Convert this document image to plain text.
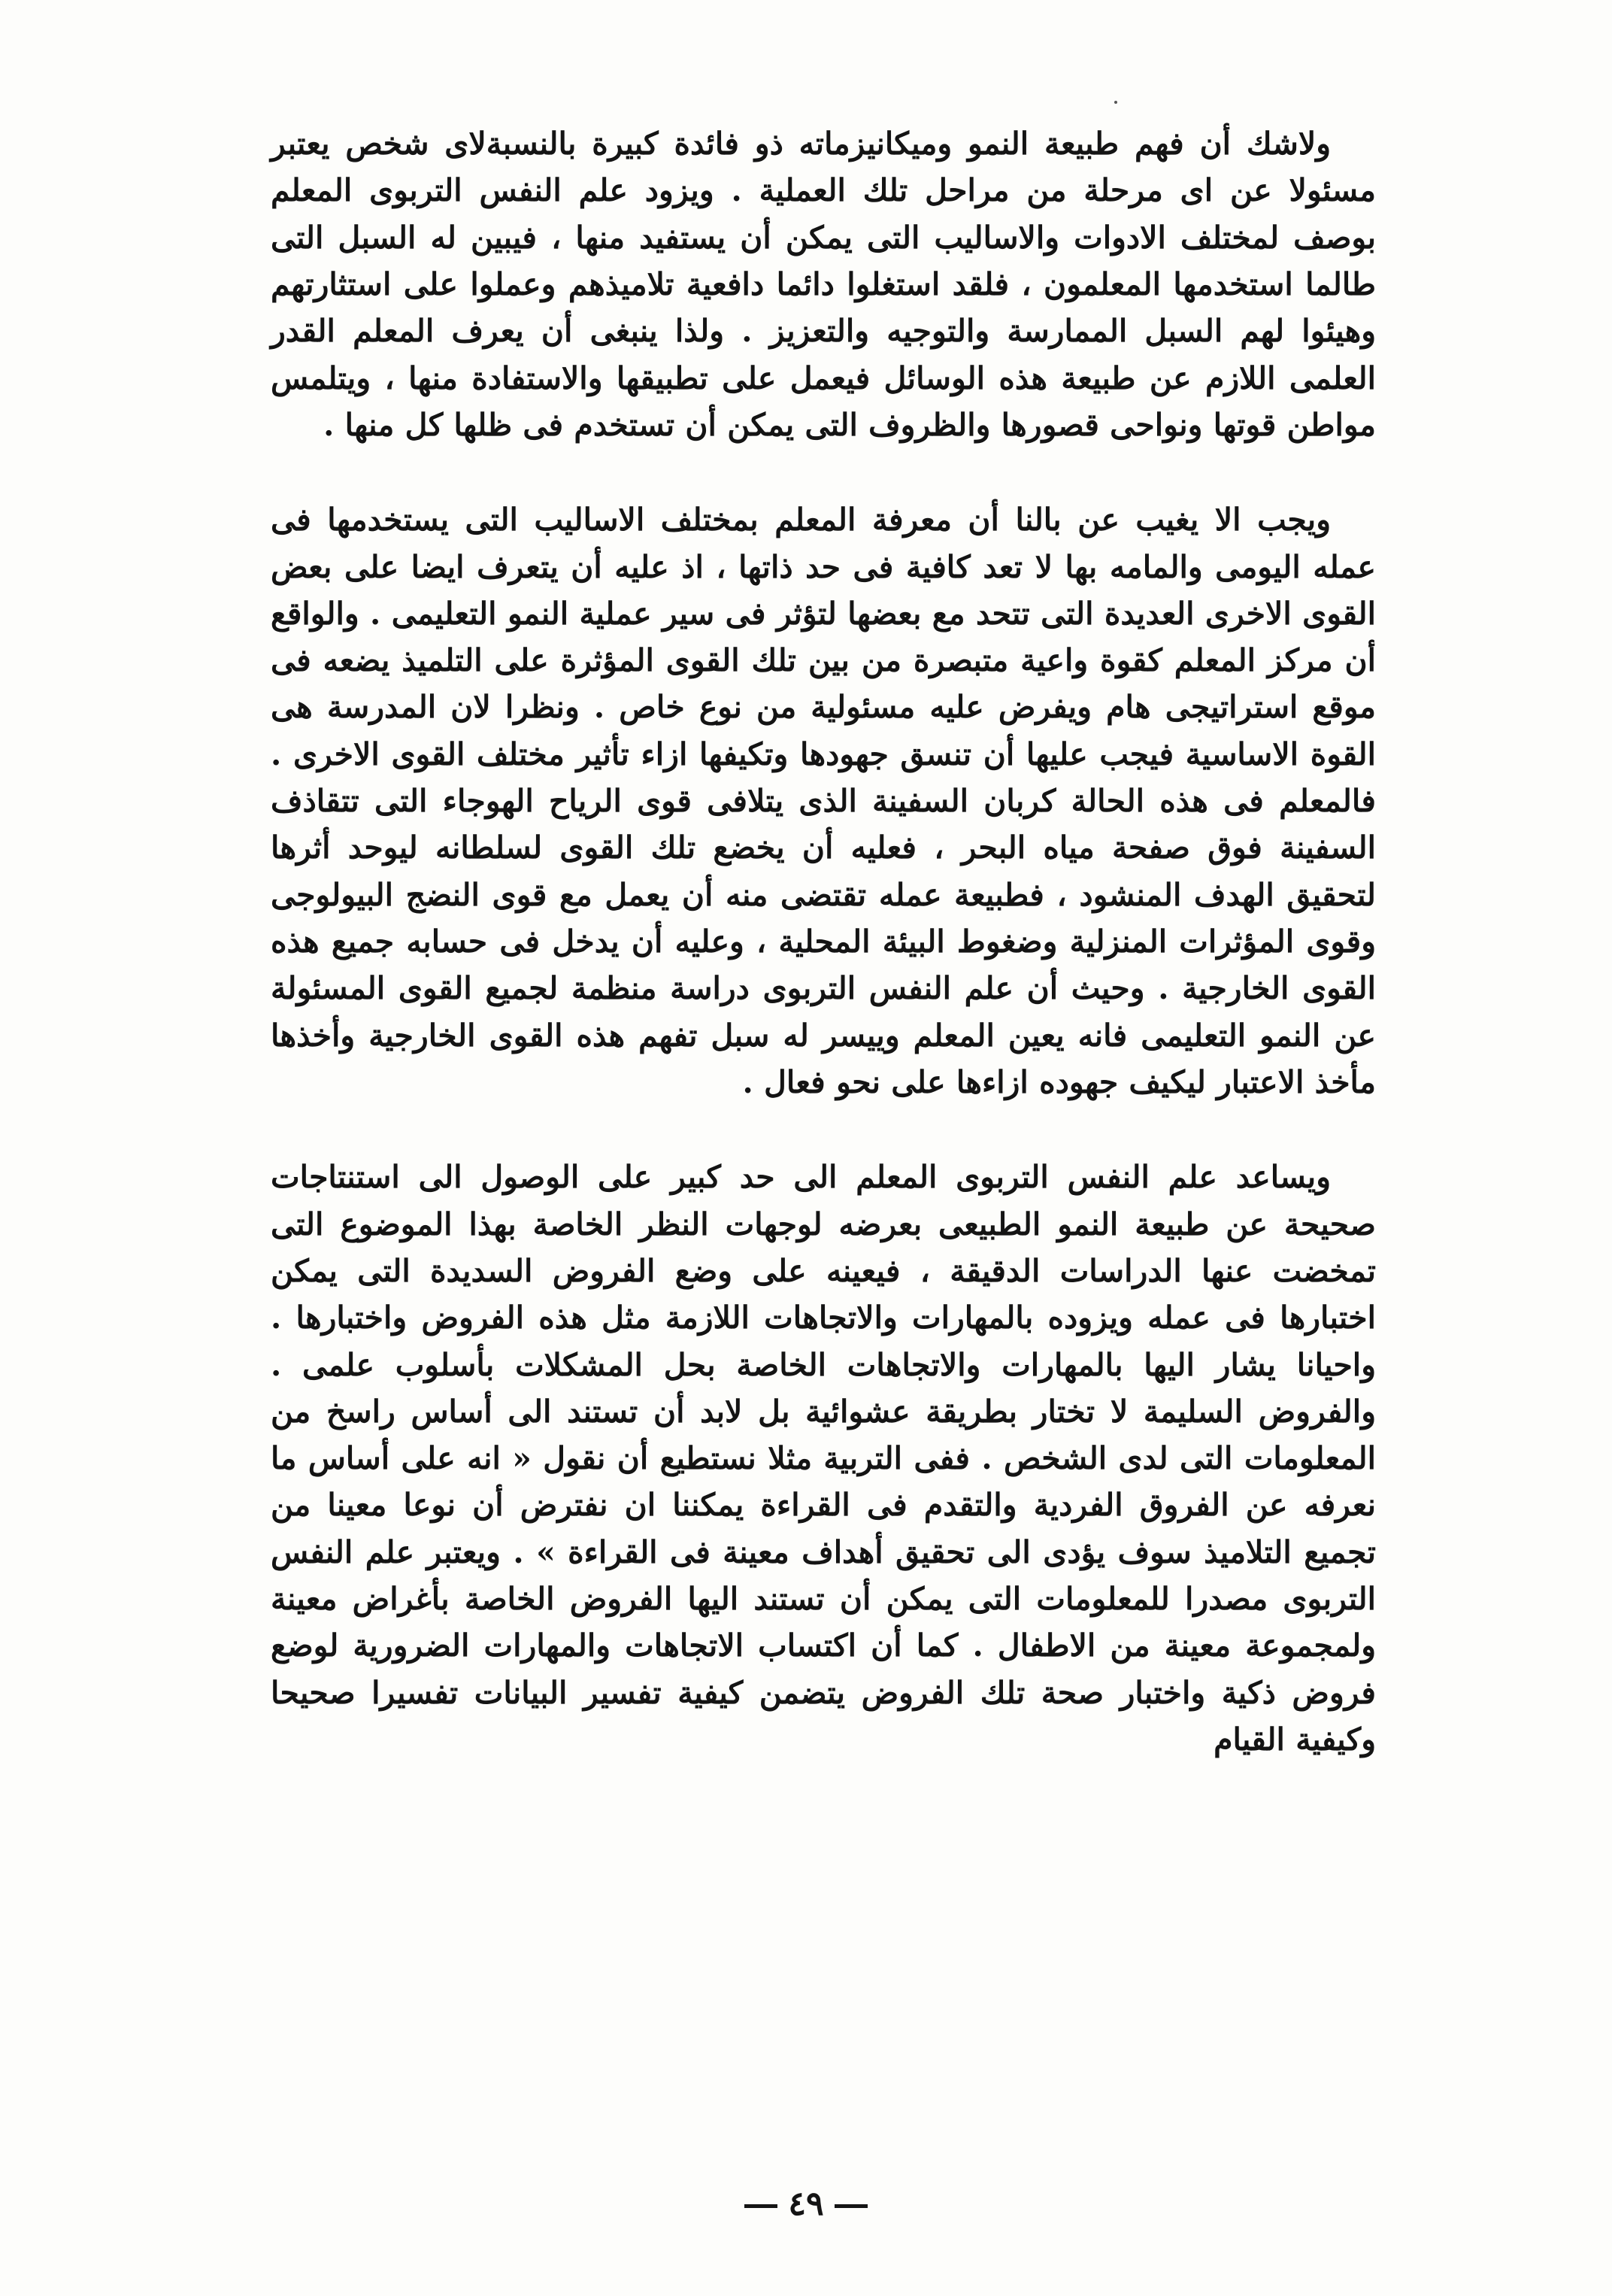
ولاشك أن فهم طبيعة النمو وميكانيزماته ذو فائدة كبيرة بالنسبةلاى شخص يعتبر مسئولا عن اى مرحلة من مراحل تلك العملية . ويزود علم النفس التربوى المعلم بوصف لمختلف الادوات والاساليب التى يمكن أن يستفيد منها ، فيبين له السبل التى طالما استخدمها المعلمون ، فلقد استغلوا دائما دافعية تلاميذهم وعملوا على استثارتهم وهيئوا لهم السبل الممارسة والتوجيه والتعزيز . ولذا ينبغى أن يعرف المعلم القدر العلمى اللازم عن طبيعة هذه الوسائل فيعمل على تطبيقها والاستفادة منها ، ويتلمس مواطن قوتها ونواحى قصورها والظروف التى يمكن أن تستخدم فى ظلها كل منها .

ويجب الا يغيب عن بالنا أن معرفة المعلم بمختلف الاساليب التى يستخدمها فى عمله اليومى والمامه بها لا تعد كافية فى حد ذاتها ، اذ عليه أن يتعرف ايضا على بعض القوى الاخرى العديدة التى تتحد مع بعضها لتؤثر فى سير عملية النمو التعليمى . والواقع أن مركز المعلم كقوة واعية متبصرة من بين تلك القوى المؤثرة على التلميذ يضعه فى موقع استراتيجى هام ويفرض عليه مسئولية من نوع خاص . ونظرا لان المدرسة هى القوة الاساسية فيجب عليها أن تنسق جهودها وتكيفها ازاء تأثير مختلف القوى الاخرى . فالمعلم فى هذه الحالة كربان السفينة الذى يتلافى قوى الرياح الهوجاء التى تتقاذف السفينة فوق صفحة مياه البحر ، فعليه أن يخضع تلك القوى لسلطانه ليوحد أثرها لتحقيق الهدف المنشود ، فطبيعة عمله تقتضى منه أن يعمل مع قوى النضج البيولوجى وقوى المؤثرات المنزلية وضغوط البيئة المحلية ، وعليه أن يدخل فى حسابه جميع هذه القوى الخارجية . وحيث أن علم النفس التربوى دراسة منظمة لجميع القوى المسئولة عن النمو التعليمى فانه يعين المعلم وييسر له سبل تفهم هذه القوى الخارجية وأخذها مأخذ الاعتبار ليكيف جهوده ازاءها على نحو فعال .

ويساعد علم النفس التربوى المعلم الى حد كبير على الوصول الى استنتاجات صحيحة عن طبيعة النمو الطبيعى بعرضه لوجهات النظر الخاصة بهذا الموضوع التى تمخضت عنها الدراسات الدقيقة ، فيعينه على وضع الفروض السديدة التى يمكن اختبارها فى عمله ويزوده بالمهارات والاتجاهات اللازمة مثل هذه الفروض واختبارها . واحيانا يشار اليها بالمهارات والاتجاهات الخاصة بحل المشكلات بأسلوب علمى . والفروض السليمة لا تختار بطريقة عشوائية بل لابد أن تستند الى أساس راسخ من المعلومات التى لدى الشخص . ففى التربية مثلا نستطيع أن نقول « انه على أساس ما نعرفه عن الفروق الفردية والتقدم فى القراءة يمكننا ان نفترض أن نوعا معينا من تجميع التلاميذ سوف يؤدى الى تحقيق أهداف معينة فى القراءة » . ويعتبر علم النفس التربوى مصدرا للمعلومات التى يمكن أن تستند اليها الفروض الخاصة بأغراض معينة ولمجموعة معينة من الاطفال . كما أن اكتساب الاتجاهات والمهارات الضرورية لوضع فروض ذكية واختبار صحة تلك الفروض يتضمن كيفية تفسير البيانات تفسيرا صحيحا وكيفية القيام

٤٩
